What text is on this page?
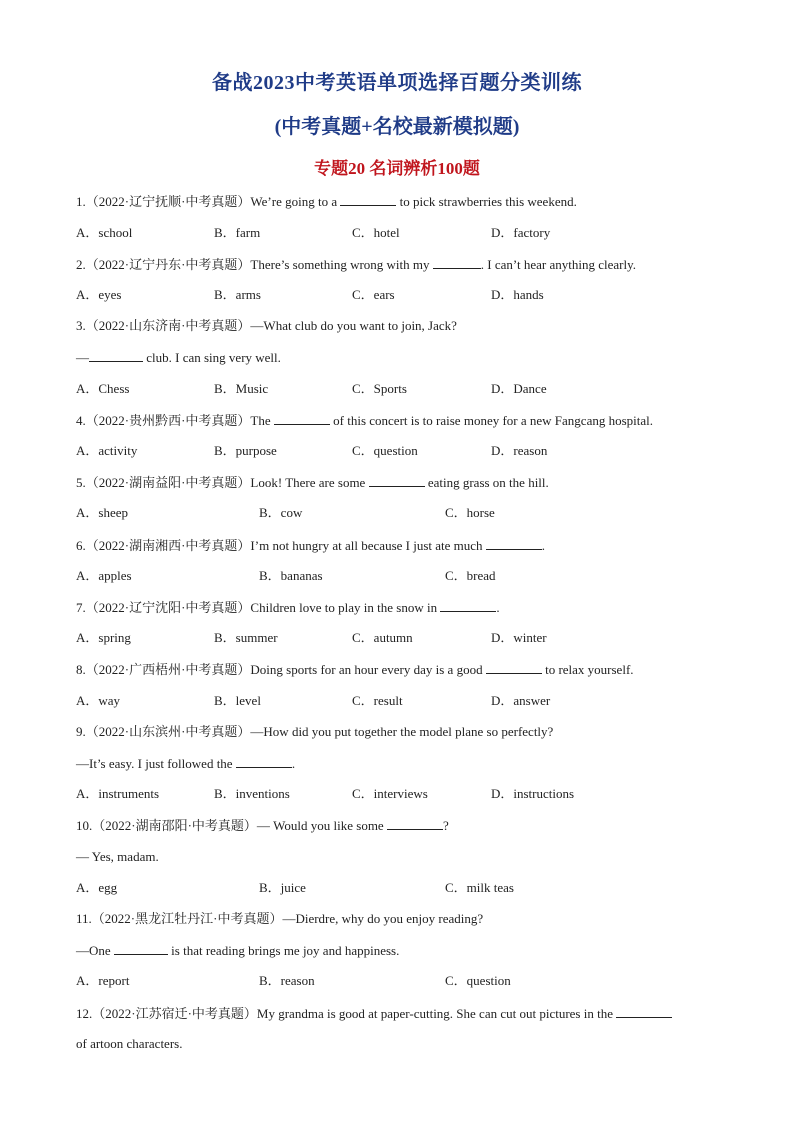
备战2023中考英语单项选择百题分类训练
(中考真题+名校最新模拟题)
专题20 名词辨析100题
1.（2022·辽宁抚顺·中考真题）We’re going to a	to pick strawberries this weekend.
A．school	B．farm	C．hotel	D．factory
2.（2022·辽宁丹东·中考真题）There’s something wrong with my	. I can’t hear anything clearly.
A．eyes	B．arms	C．ears	D．hands
3.（2022·山东济南·中考真题）—What club do you want to join, Jack?
—	club. I can sing very well.
A．Chess	B．Music	C．Sports	D．Dance
4.（2022·贵州黔西·中考真题）The	of this concert is to raise money for a new Fangcang hospital.
A．activity	B．purpose	C．question	D．reason
5.（2022·湖南益阳·中考真题）Look! There are some	eating grass on the hill.
A．sheep	B．cow	C．horse
6.（2022·湖南湘西·中考真题）I’m not hungry at all because I just ate much	.
A．apples	B．bananas	C．bread
7.（2022·辽宁沈阳·中考真题）Children love to play in the snow in	.
A．spring	B．summer	C．autumn	D．winter
8.（2022·广西梧州·中考真题）Doing sports for an hour every day is a good	to relax yourself.
A．way	B．level	C．result	D．answer
9.（2022·山东滨州·中考真题）—How did you put together the model plane so perfectly?
—It’s easy. I just followed the	.
A．instruments	B．inventions	C．interviews	D．instructions
10.（2022·湖南邵阳·中考真题）— Would you like some	?
— Yes, madam.
A．egg	B．juice	C．milk teas
11.（2022·黑龙江牡丹江·中考真题）—Dierdre, why do you enjoy reading?
—One	is that reading brings me joy and happiness.
A．report	B．reason	C．question
12.（2022·江苏宿迁·中考真题）My grandma is good at paper-cutting. She can cut out pictures in the
of artoon characters.
